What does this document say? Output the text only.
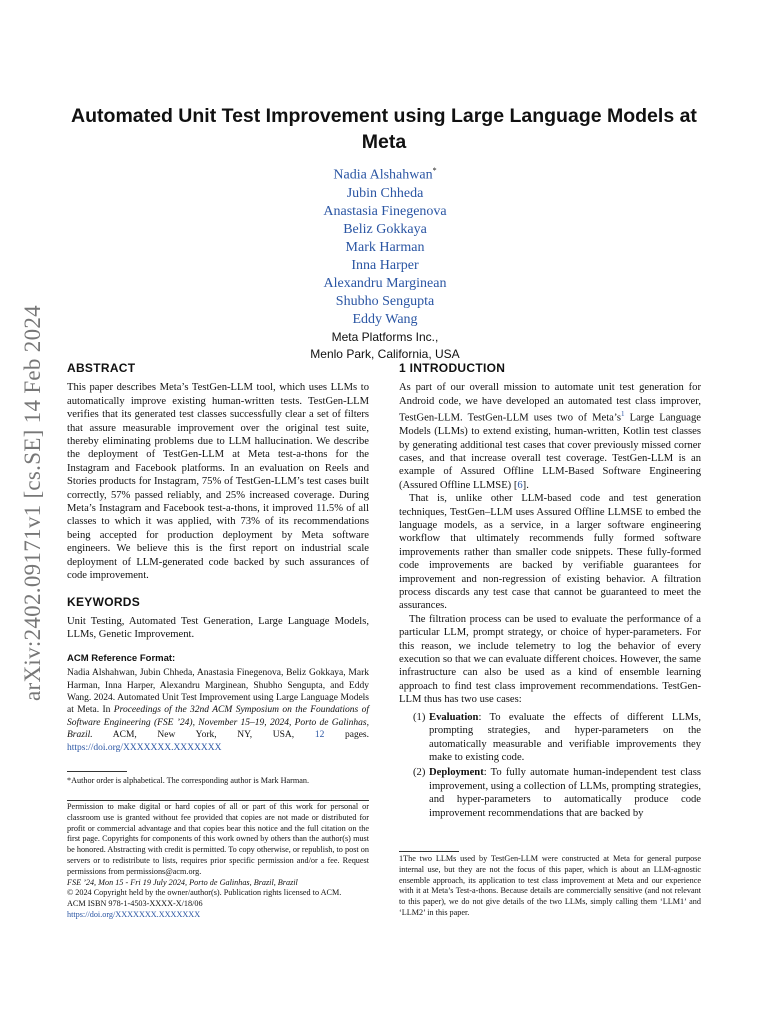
arXiv:2402.09171v1 [cs.SE] 14 Feb 2024
Automated Unit Test Improvement using Large Language Models at Meta
Nadia Alshahwan*
Jubin Chheda
Anastasia Finegenova
Beliz Gokkaya
Mark Harman
Inna Harper
Alexandru Marginean
Shubho Sengupta
Eddy Wang
Meta Platforms Inc.,
Menlo Park, California, USA
ABSTRACT

This paper describes Meta’s TestGen-LLM tool, which uses LLMs to automatically improve existing human-written tests. TestGen-LLM verifies that its generated test classes successfully clear a set of filters that assure measurable improvement over the original test suite, thereby eliminating problems due to LLM hallucination. We describe the deployment of TestGen-LLM at Meta test-a-thons for the Instagram and Facebook platforms. In an evaluation on Reels and Stories products for Instagram, 75% of TestGen-LLM’s test cases built correctly, 57% passed reliably, and 25% increased coverage. During Meta’s Instagram and Facebook test-a-thons, it improved 11.5% of all classes to which it was applied, with 73% of its recommendations being accepted for production deployment by Meta software engineers. We believe this is the first report on industrial scale deployment of LLM-generated code backed by such assurances of code improvement.

KEYWORDS

Unit Testing, Automated Test Generation, Large Language Models, LLMs, Genetic Improvement.

ACM Reference Format:

Nadia Alshahwan, Jubin Chheda, Anastasia Finegenova, Beliz Gokkaya, Mark Harman, Inna Harper, Alexandru Marginean, Shubho Sengupta, and Eddy Wang. 2024. Automated Unit Test Improvement using Large Language Models at Meta. In Proceedings of the 32nd ACM Symposium on the Foundations of Software Engineering (FSE ’24), November 15–19, 2024, Porto de Galinhas, Brazil. ACM, New York, NY, USA, 12 pages. https://doi.org/XXXXXXX.XXXXXXX

*Author order is alphabetical. The corresponding author is Mark Harman.
Permission to make digital or hard copies of all or part of this work for personal or classroom use is granted without fee provided that copies are not made or distributed for profit or commercial advantage and that copies bear this notice and the full citation on the first page. Copyrights for components of this work owned by others than the author(s) must be honored. Abstracting with credit is permitted. To copy otherwise, or republish, to post on servers or to redistribute to lists, requires prior specific permission and/or a fee. Request permissions from permissions@acm.org.
FSE ’24, Mon 15 - Fri 19 July 2024, Porto de Galinhas, Brazil, Brazil
© 2024 Copyright held by the owner/author(s). Publication rights licensed to ACM.
ACM ISBN 978-1-4503-XXXX-X/18/06
https://doi.org/XXXXXXX.XXXXXXX
1 INTRODUCTION

As part of our overall mission to automate unit test generation for Android code, we have developed an automated test class improver, TestGen-LLM. TestGen-LLM uses two of $Meta’s^1$ Large Language Models (LLMs) to extend existing, human-written, Kotlin test classes by generating additional test cases that cover previously missed corner cases, and that increase overall test coverage. TestGen-LLM is an example of Assured Offline LLM-Based Software Engineering (Assured Offline LLMSE) [6].

That is, unlike other LLM-based code and test generation techniques, TestGen–LLM uses Assured Offline LLMSE to embed the language models, as a service, in a larger software engineering workflow that ultimately recommends fully formed software improvements rather than smaller code snippets. These fully-formed code improvements are backed by verifiable guarantees for improvement and non-regression of existing behavior. A filtration process discards any test case that cannot be guaranteed to meet the assurances.

The filtration process can be used to evaluate the performance of a particular LLM, prompt strategy, or choice of hyper-parameters. For this reason, we include telemetry to log the behavior of every execution so that we can evaluate different choices. However, the same infrastructure can also be used as a kind of ensemble learning approach to find test class improvement recommendations. TestGen-LLM thus has two use cases:

(1) Evaluation: To evaluate the effects of different LLMs, prompting strategies, and hyper-parameters on the automatically measurable and verifiable improvements they make to existing code.
(2) Deployment: To fully automate human-independent test class improvement, using a collection of LLMs, prompting strategies, and hyper-parameters to automatically produce code improvement recommendations that are backed by
1The two LLMs used by TestGen-LLM were constructed at Meta for general purpose internal use, but they are not the focus of this paper, which is about an LLM-agnostic ensemble approach, its application to test class improvement at Meta and our experience with it at Meta’s Test-a-thons. Because details are commercially sensitive (and not relevant to this paper), we do not give details of the two LLMs, simply calling them ‘LLM1’ and ‘LLM2’ in this paper.
